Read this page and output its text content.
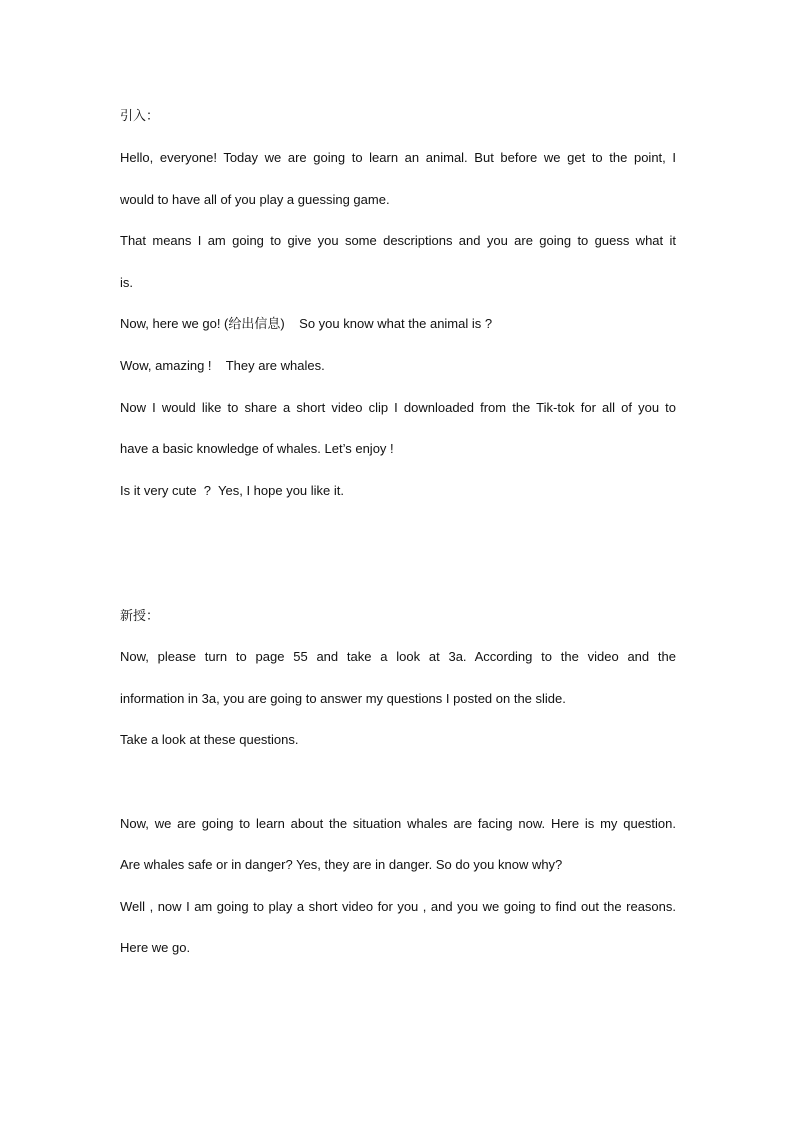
引入：
Hello, everyone! Today we are going to learn an animal. But before we get to the point, I
would to have all of you play a guessing game.
That means I am going to give you some descriptions and you are going to guess what it
is.
Now, here we go! (给出信息)    So you know what the animal is ?
Wow, amazing !    They are whales.
Now I would like to share a short video clip I downloaded from the Tik-tok for all of you to
have a basic knowledge of whales. Let’s enjoy !
Is it very cute  ?  Yes, I hope you like it.
新授：
Now, please turn to page 55 and take a look at 3a. According to the video and the
information in 3a, you are going to answer my questions I posted on the slide.
Take a look at these questions.
Now, we are going to learn about the situation whales are facing now. Here is my question.
Are whales safe or in danger? Yes, they are in danger. So do you know why?
Well , now I am going to play a short video for you , and you we going to find out the reasons.
Here we go.
